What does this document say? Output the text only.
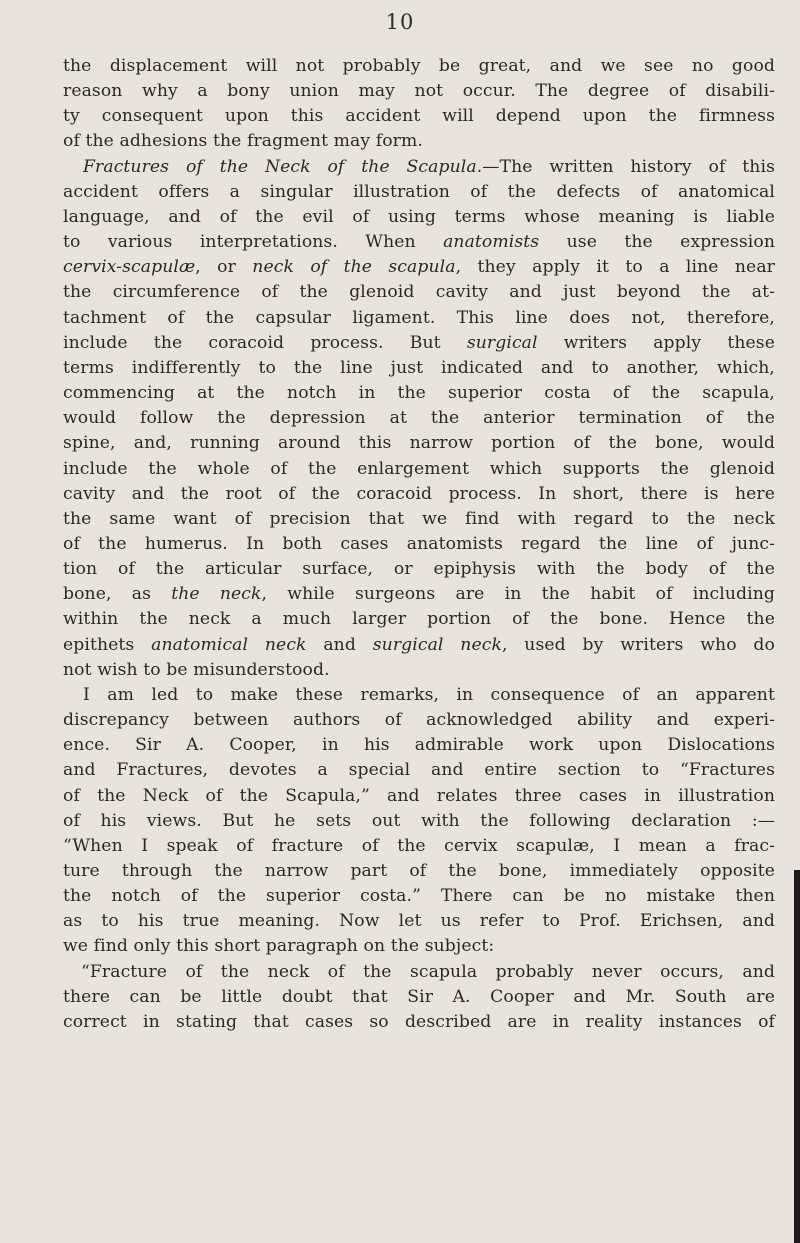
10
the displacement will not probably be great, and we see no good
reason why a bony union may not occur. The degree of disabili-
ty consequent upon this accident will depend upon the firmness
of the adhesions the fragment may form.
Fractures of the Neck of the Scapula.—The written history of this
accident offers a singular illustration of the defects of anatomical
language, and of the evil of using terms whose meaning is liable
to various interpretations. When anatomists use the expression
cervix-scapulæ, or neck of the scapula, they apply it to a line near
the circumference of the glenoid cavity and just beyond the at-
tachment of the capsular ligament. This line does not, therefore,
include the coracoid process. But surgical writers apply these
terms indifferently to the line just indicated and to another, which,
commencing at the notch in the superior costa of the scapula,
would follow the depression at the anterior termination of the
spine, and, running around this narrow portion of the bone, would
include the whole of the enlargement which supports the glenoid
cavity and the root of the coracoid process. In short, there is here
the same want of precision that we find with regard to the neck
of the humerus. In both cases anatomists regard the line of junc-
tion of the articular surface, or epiphysis with the body of the
bone, as the neck, while surgeons are in the habit of including
within the neck a much larger portion of the bone. Hence the
epithets anatomical neck and surgical neck, used by writers who do
not wish to be misunderstood.
I am led to make these remarks, in consequence of an apparent
discrepancy between authors of acknowledged ability and experi-
ence. Sir A. Cooper, in his admirable work upon Dislocations
and Fractures, devotes a special and entire section to “Fractures
of the Neck of the Scapula,” and relates three cases in illustration
of his views. But he sets out with the following declaration :—
“When I speak of fracture of the cervix scapulæ, I mean a frac-
ture through the narrow part of the bone, immediately opposite
the notch of the superior costa.” There can be no mistake then
as to his true meaning. Now let us refer to Prof. Erichsen, and
we find only this short paragraph on the subject:
“Fracture of the neck of the scapula probably never occurs, and
there can be little doubt that Sir A. Cooper and Mr. South are
correct in stating that cases so described are in reality instances of
